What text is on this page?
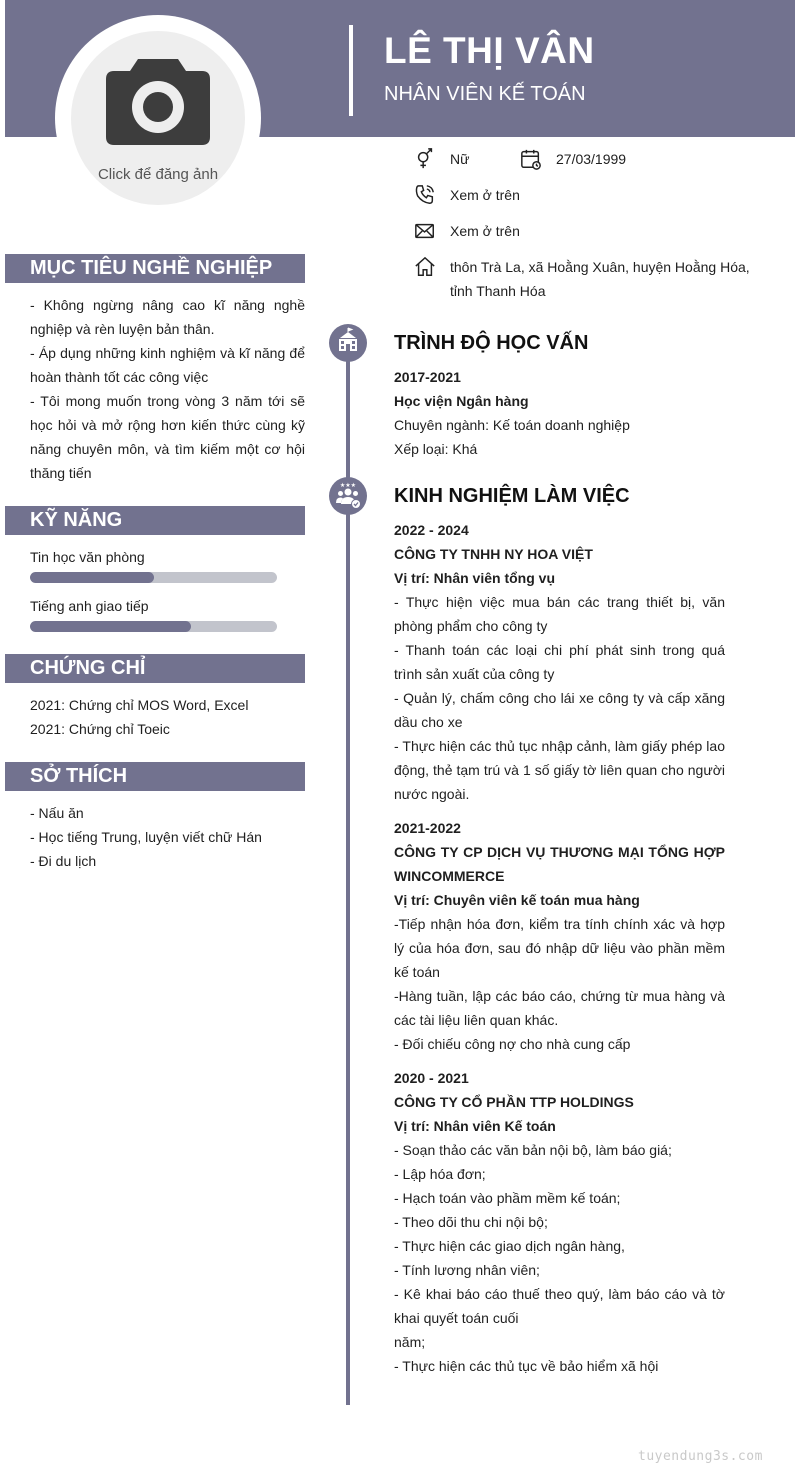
LÊ THỊ VÂN
NHÂN VIÊN KẾ TOÁN
Click để đăng ảnh
Nữ	27/03/1999
Xem ở trên
Xem ở trên
thôn Trà La, xã Hoằng Xuân, huyện Hoằng Hóa,
tỉnh Thanh Hóa
MỤC TIÊU NGHỀ NGHIỆP

- Không ngừng nâng cao kĩ năng nghề nghiệp và rèn luyện bản thân.

- Áp dụng những kinh nghiệm và kĩ năng để hoàn thành tốt các công việc

- Tôi mong muốn trong vòng 3 năm tới sẽ học hỏi và mở rộng hơn kiến thức cùng kỹ năng chuyên môn, và tìm kiếm một cơ hội thăng tiến

KỸ NĂNG
Tin học văn phòng
Tiếng anh giao tiếp
CHỨNG CHỈ

2021: Chứng chỉ MOS Word, Excel

2021: Chứng chỉ Toeic

SỞ THÍCH

- Nấu ăn

- Học tiếng Trung, luyện viết chữ Hán

- Đi du lịch

TRÌNH ĐỘ HỌC VẤN

2017-2021

Học viện Ngân hàng

Chuyên ngành: Kế toán doanh nghiệp

Xếp loại: Khá

★★★ KINH NGHIỆM LÀM VIỆC

2022 - 2024

CÔNG TY TNHH NY HOA VIỆT

Vị trí: Nhân viên tổng vụ

- Thực hiện việc mua bán các trang thiết bị, văn phòng phẩm cho công ty

- Thanh toán các loại chi phí phát sinh trong quá trình sản xuất của công ty

- Quản lý, chấm công cho lái xe công ty và cấp xăng dầu cho xe

- Thực hiện các thủ tục nhập cảnh, làm giấy phép lao động, thẻ tạm trú và 1 số giấy tờ liên quan cho người nước ngoài.

2021-2022

CÔNG TY CP DỊCH VỤ THƯƠNG MẠI TỔNG HỢP WINCOMMERCE

Vị trí: Chuyên viên kế toán mua hàng

-Tiếp nhận hóa đơn, kiểm tra tính chính xác và hợp lý của hóa đơn, sau đó nhập dữ liệu vào phần mềm kế toán

-Hàng tuần, lập các báo cáo, chứng từ mua hàng và các tài liệu liên quan khác.

- Đối chiếu công nợ cho nhà cung cấp

2020 - 2021

CÔNG TY CỔ PHẦN TTP HOLDINGS

Vị trí: Nhân viên Kế toán

- Soạn thảo các văn bản nội bộ, làm báo giá;

- Lập hóa đơn;

- Hạch toán vào phầm mềm kế toán;

- Theo dõi thu chi nội bộ;

- Thực hiện các giao dịch ngân hàng,

- Tính lương nhân viên;

- Kê khai báo cáo thuế theo quý, làm báo cáo và tờ khai quyết toán cuối

năm;

- Thực hiện các thủ tục về bảo hiểm xã hội

tuyendung3s.com
